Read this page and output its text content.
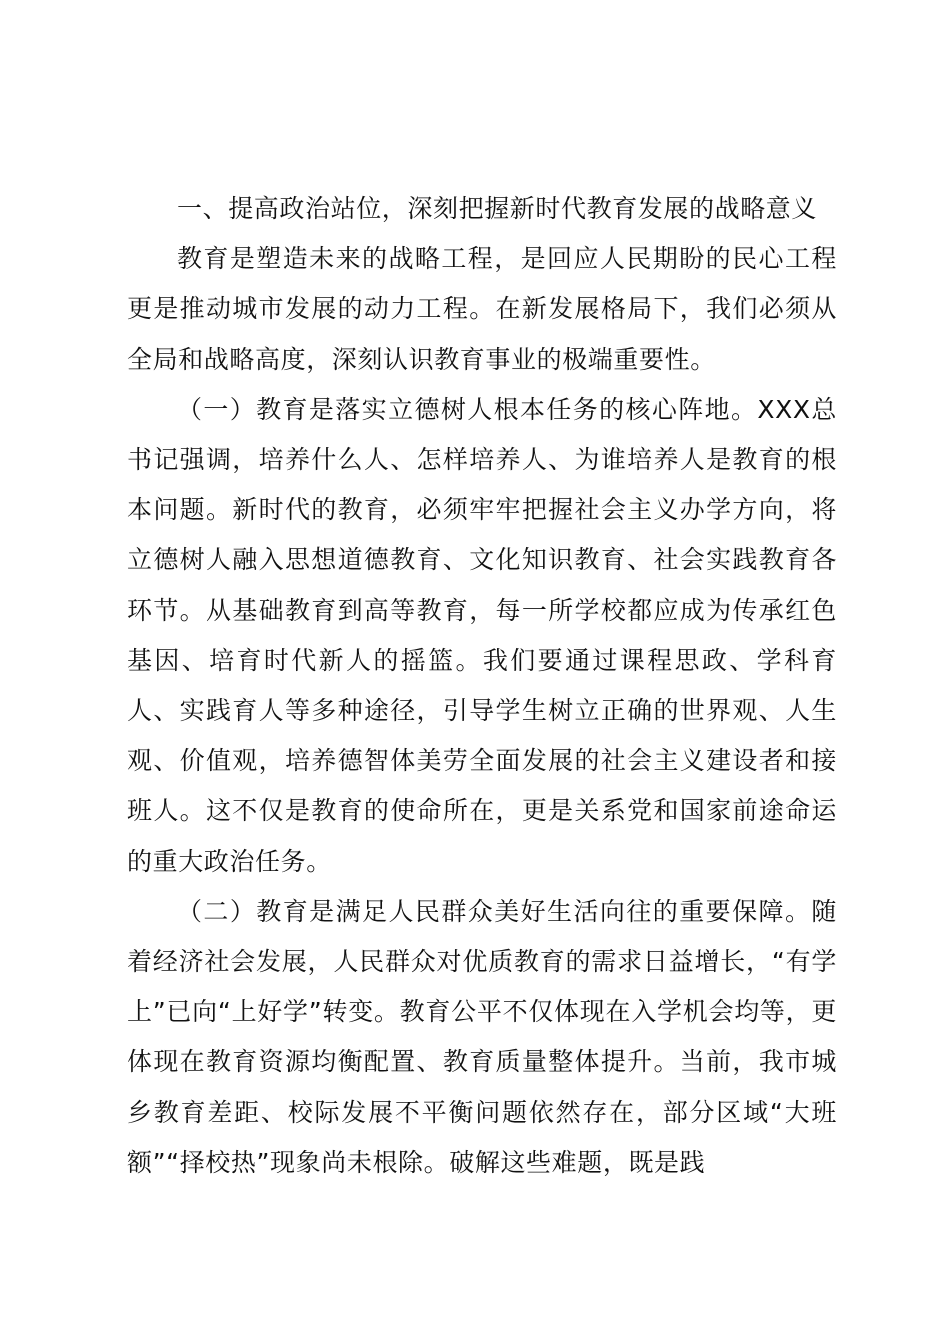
一、提高政治站位，深刻把握新时代教育发展的战略意义

教育是塑造未来的战略工程，是回应人民期盼的民心工程更是推动城市发展的动力工程。在新发展格局下，我们必须从全局和战略高度，深刻认识教育事业的极端重要性。

（一）教育是落实立德树人根本任务的核心阵地。XXX总书记强调，培养什么人、怎样培养人、为谁培养人是教育的根本问题。新时代的教育，必须牢牢把握社会主义办学方向，将立德树人融入思想道德教育、文化知识教育、社会实践教育各环节。从基础教育到高等教育，每一所学校都应成为传承红色基因、培育时代新人的摇篮。我们要通过课程思政、学科育人、实践育人等多种途径，引导学生树立正确的世界观、人生观、价值观，培养德智体美劳全面发展的社会主义建设者和接班人。这不仅是教育的使命所在，更是关系党和国家前途命运的重大政治任务。

（二）教育是满足人民群众美好生活向往的重要保障。随着经济社会发展，人民群众对优质教育的需求日益增长，“有学上”已向“上好学”转变。教育公平不仅体现在入学机会均等，更体现在教育资源均衡配置、教育质量整体提升。当前，我市城乡教育差距、校际发展不平衡问题依然存在，部分区域“大班额”“择校热”现象尚未根除。破解这些难题，既是践
